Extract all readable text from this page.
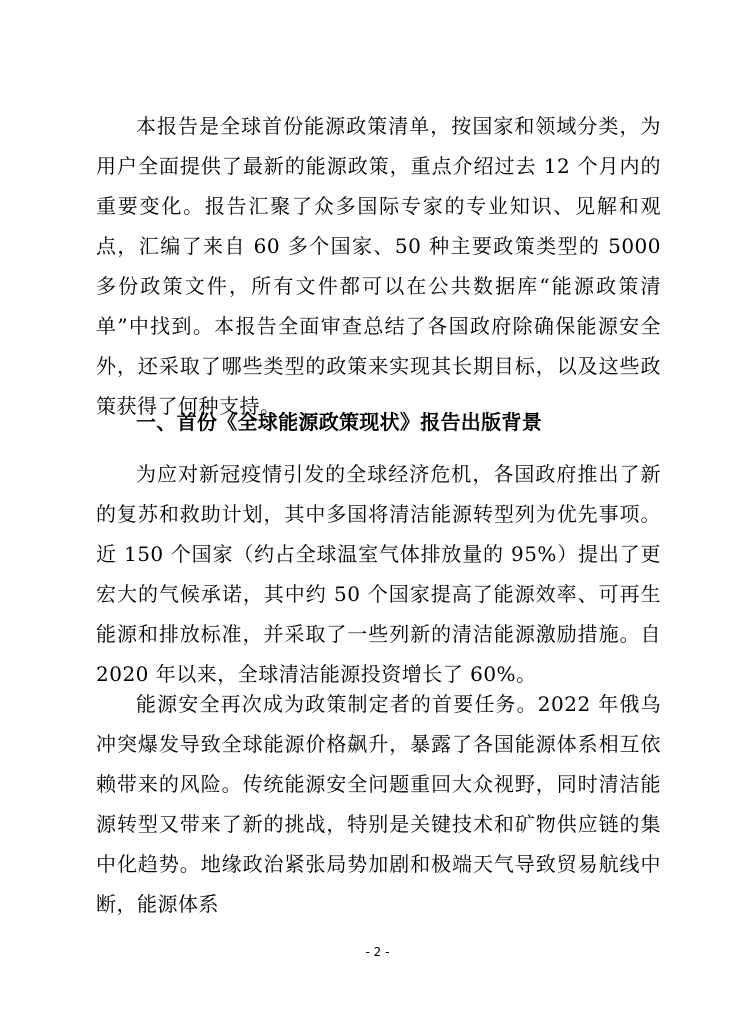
本报告是全球首份能源政策清单，按国家和领域分类，为用户全面提供了最新的能源政策，重点介绍过去 12 个月内的重要变化。报告汇聚了众多国际专家的专业知识、见解和观点，汇编了来自 60 多个国家、50 种主要政策类型的 5000 多份政策文件，所有文件都可以在公共数据库“能源政策清单”中找到。本报告全面审查总结了各国政府除确保能源安全外，还采取了哪些类型的政策来实现其长期目标，以及这些政策获得了何种支持。

一、首份《全球能源政策现状》报告出版背景

为应对新冠疫情引发的全球经济危机，各国政府推出了新的复苏和救助计划，其中多国将清洁能源转型列为优先事项。近 150 个国家（约占全球温室气体排放量的 95%）提出了更宏大的气候承诺，其中约 50 个国家提高了能源效率、可再生能源和排放标准，并采取了一些列新的清洁能源激励措施。自 2020 年以来，全球清洁能源投资增长了 60%。

能源安全再次成为政策制定者的首要任务。2022 年俄乌冲突爆发导致全球能源价格飙升，暴露了各国能源体系相互依赖带来的风险。传统能源安全问题重回大众视野，同时清洁能源转型又带来了新的挑战，特别是关键技术和矿物供应链的集中化趋势。地缘政治紧张局势加剧和极端天气导致贸易航线中断，能源体系

- 2 -
